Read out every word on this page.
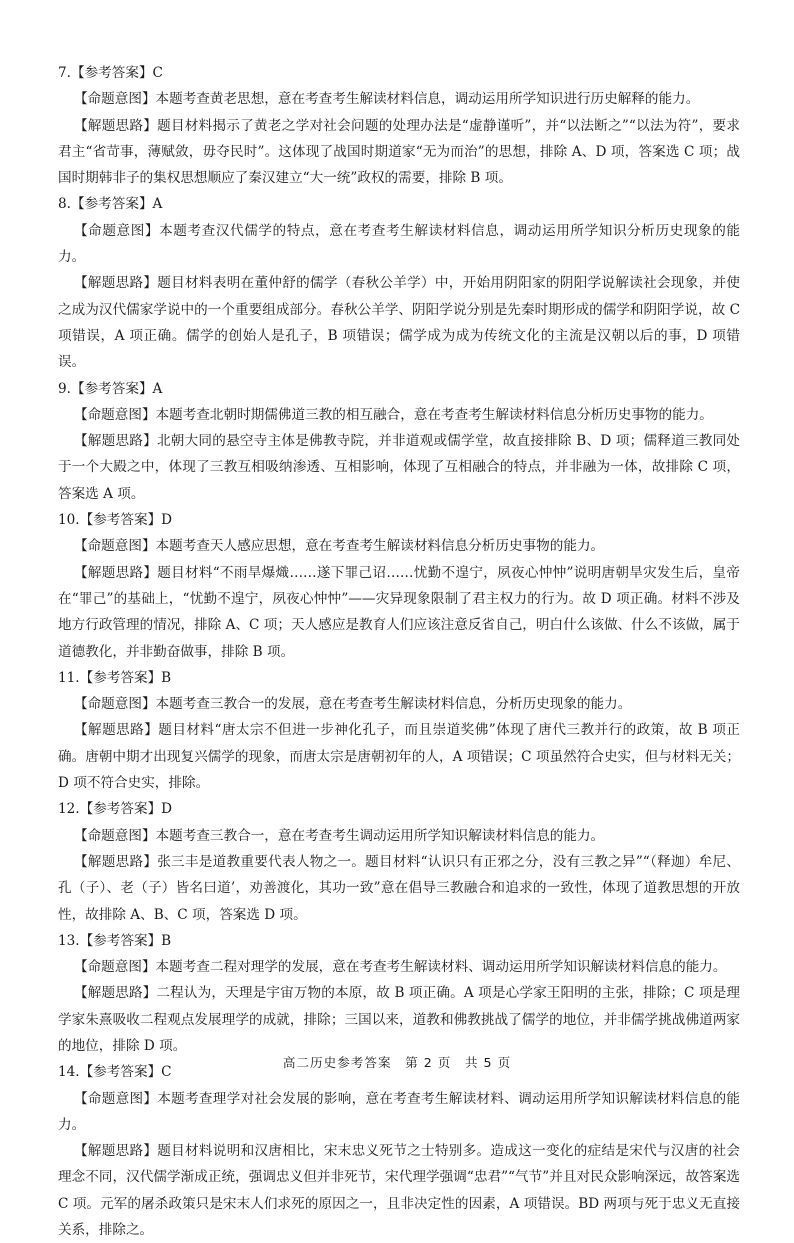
7.【参考答案】C
【命题意图】本题考查黄老思想，意在考查考生解读材料信息，调动运用所学知识进行历史解释的能力。
【解题思路】题目材料揭示了黄老之学对社会问题的处理办法是“虚静谨听”，并“以法断之”“以法为符”，要求君主“省苛事，薄赋敛，毋夺民时”。这体现了战国时期道家“无为而治”的思想，排除 A、D 项，答案选 C 项；战国时期韩非子的集权思想顺应了秦汉建立“大一统”政权的需要，排除 B 项。
8.【参考答案】A
【命题意图】本题考查汉代儒学的特点，意在考查考生解读材料信息，调动运用所学知识分析历史现象的能力。
【解题思路】题目材料表明在董仲舒的儒学（春秋公羊学）中，开始用阴阳家的阴阳学说解读社会现象，并使之成为汉代儒家学说中的一个重要组成部分。春秋公羊学、阴阳学说分别是先秦时期形成的儒学和阴阳学说，故 C 项错误，A 项正确。儒学的创始人是孔子，B 项错误；儒学成为成为传统文化的主流是汉朝以后的事，D 项错误。
9.【参考答案】A
【命题意图】本题考查北朝时期儒佛道三教的相互融合，意在考查考生解读材料信息分析历史事物的能力。
【解题思路】北朝大同的悬空寺主体是佛教寺院，并非道观或儒学堂，故直接排除 B、D 项；儒释道三教同处于一个大殿之中，体现了三教互相吸纳渗透、互相影响，体现了互相融合的特点，并非融为一体，故排除 C 项，答案选 A 项。
10.【参考答案】D
【命题意图】本题考查天人感应思想，意在考查考生解读材料信息分析历史事物的能力。
【解题思路】题目材料“不雨旱爆熾……遂下罪己诏……忧勤不遑宁，夙夜心忡忡”说明唐朝旱灾发生后，皇帝在“罪己”的基础上，“忧勤不遑宁，夙夜心忡忡”——灾异现象限制了君主权力的行为。故 D 项正确。材料不涉及地方行政管理的情况，排除 A、C 项；天人感应是教育人们应该注意反省自己，明白什么该做、什么不该做，属于道德教化，并非勤奋做事，排除 B 项。
11.【参考答案】B
【命题意图】本题考查三教合一的发展，意在考查考生解读材料信息，分析历史现象的能力。
【解题思路】题目材料“唐太宗不但进一步神化孔子，而且崇道奖佛”体现了唐代三教并行的政策，故 B 项正确。唐朝中期才出现复兴儒学的现象，而唐太宗是唐朝初年的人，A 项错误；C 项虽然符合史实，但与材料无关；D 项不符合史实，排除。
12.【参考答案】D
【命题意图】本题考查三教合一，意在考查考生调动运用所学知识解读材料信息的能力。
【解题思路】张三丰是道教重要代表人物之一。题目材料“认识只有正邪之分，没有三教之异”“（释迦）牟尼、孔（子）、老（子）皆名曰道’，劝善渡化，其功一致”意在倡导三教融合和追求的一致性，体现了道教思想的开放性，故排除 A、B、C 项，答案选 D 项。
13.【参考答案】B
【命题意图】本题考查二程对理学的发展，意在考查考生解读材料、调动运用所学知识解读材料信息的能力。
【解题思路】二程认为，天理是宇宙万物的本原，故 B 项正确。A 项是心学家王阳明的主张，排除；C 项是理学家朱熹吸收二程观点发展理学的成就，排除；三国以来，道教和佛教挑战了儒学的地位，并非儒学挑战佛道两家的地位，排除 D 项。
14.【参考答案】C
【命题意图】本题考查理学对社会发展的影响，意在考查考生解读材料、调动运用所学知识解读材料信息的能力。
【解题思路】题目材料说明和汉唐相比，宋末忠义死节之士特别多。造成这一变化的症结是宋代与汉唐的社会理念不同，汉代儒学渐成正统，强调忠义但并非死节，宋代理学强调“忠君”“气节”并且对民众影响深远，故答案选 C 项。元军的屠杀政策只是宋末人们求死的原因之一，且非决定性的因素，A 项错误。BD 两项与死于忠义无直接关系，排除之。
高二历史参考答案　第 2 页　共 5 页
